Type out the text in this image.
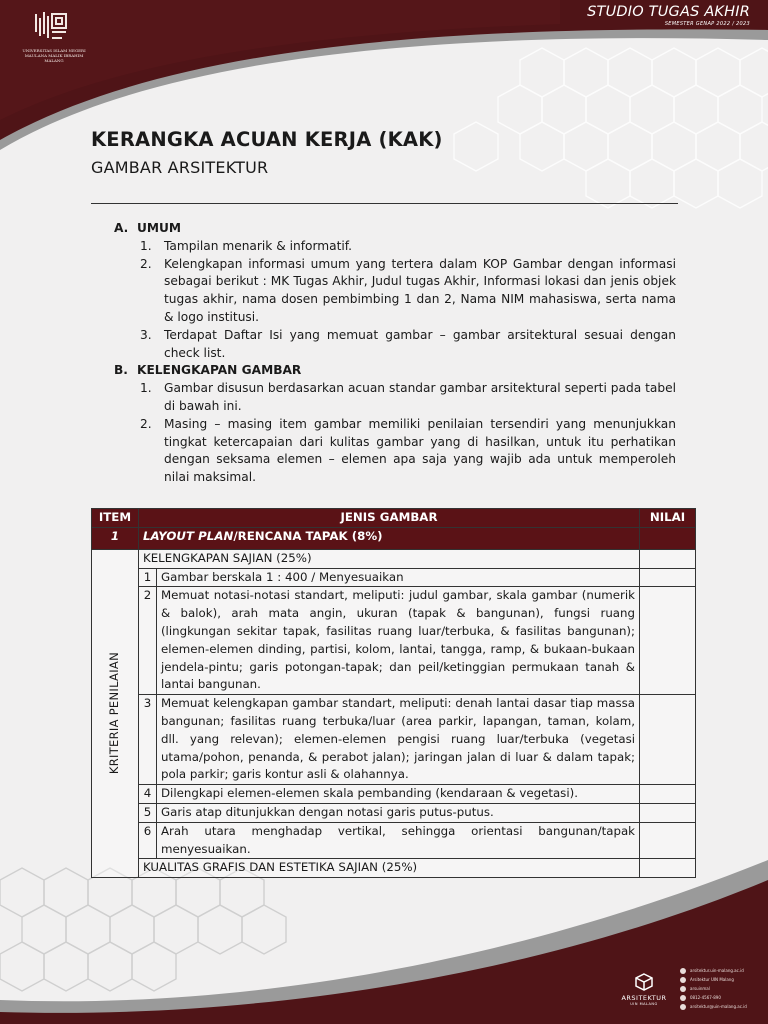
UNIVERSITAS ISLAM NEGERI
MAULANA MALIK IBRAHIM
MALANG
STUDIO TUGAS AKHIR
SEMESTER GENAP 2022 / 2023
KERANGKA ACUAN KERJA (KAK)
GAMBAR ARSITEKTUR

A. UMUM

1. Tampilan menarik & informatif.
2. Kelengkapan informasi umum yang tertera dalam KOP Gambar dengan informasi sebagai berikut : MK Tugas Akhir, Judul tugas Akhir, Informasi lokasi dan jenis objek tugas akhir, nama dosen pembimbing 1 dan 2, Nama NIM mahasiswa, serta nama & logo institusi.
3. Terdapat Daftar Isi yang memuat gambar – gambar arsitektural sesuai dengan check list.

B. KELENGKAPAN GAMBAR

1. Gambar disusun berdasarkan acuan standar gambar arsitektural seperti pada tabel di bawah ini.
2. Masing – masing item gambar memiliki penilaian tersendiri yang menunjukkan tingkat ketercapaian dari kulitas gambar yang di hasilkan, untuk itu perhatikan dengan seksama elemen – elemen apa saja yang wajib ada untuk memperoleh nilai maksimal.
ITEM	JENIS GAMBAR		NILAI
1	LAYOUT PLAN/RENCANA TAPAK (8%)		

KRITERIA PENILAIAN	KELENGKAPAN SAJIAN (25%)		
	1	Gambar berskala 1 : 400 / Menyesuaikan	
	2	Memuat notasi-notasi standart, meliputi: judul gambar, skala gambar (numerik & balok), arah mata angin, ukuran (tapak & bangunan), fungsi ruang (lingkungan sekitar tapak, fasilitas ruang luar/terbuka, & fasilitas bangunan); elemen-elemen dinding, partisi, kolom, lantai, tangga, ramp, & bukaan-bukaan jendela-pintu; garis potongan-tapak; dan peil/ketinggian permukaan tanah & lantai bangunan.	
	3	Memuat kelengkapan gambar standart, meliputi: denah lantai dasar tiap massa bangunan; fasilitas ruang terbuka/luar (area parkir, lapangan, taman, kolam, dll. yang relevan); elemen-elemen pengisi ruang luar/terbuka (vegetasi utama/pohon, penanda, & perabot jalan); jaringan jalan di luar & dalam tapak; pola parkir; garis kontur asli & olahannya.	
	4	Dilengkapi elemen-elemen skala pembanding (kendaraan & vegetasi).	
	5	Garis atap ditunjukkan dengan notasi garis putus-putus.	
	6	Arah utara menghadap vertikal, sehingga orientasi bangunan/tapak menyesuaikan.	
	KUALITAS GRAFIS DAN ESTETIKA SAJIAN (25%)		
ARSITEKTUR
UIN MALANG
arsitektur.uin-malang.ac.id
Arsitektur UIN Malang
arsuinmal
0812-4567-890
arsitektur@uin-malang.ac.id
